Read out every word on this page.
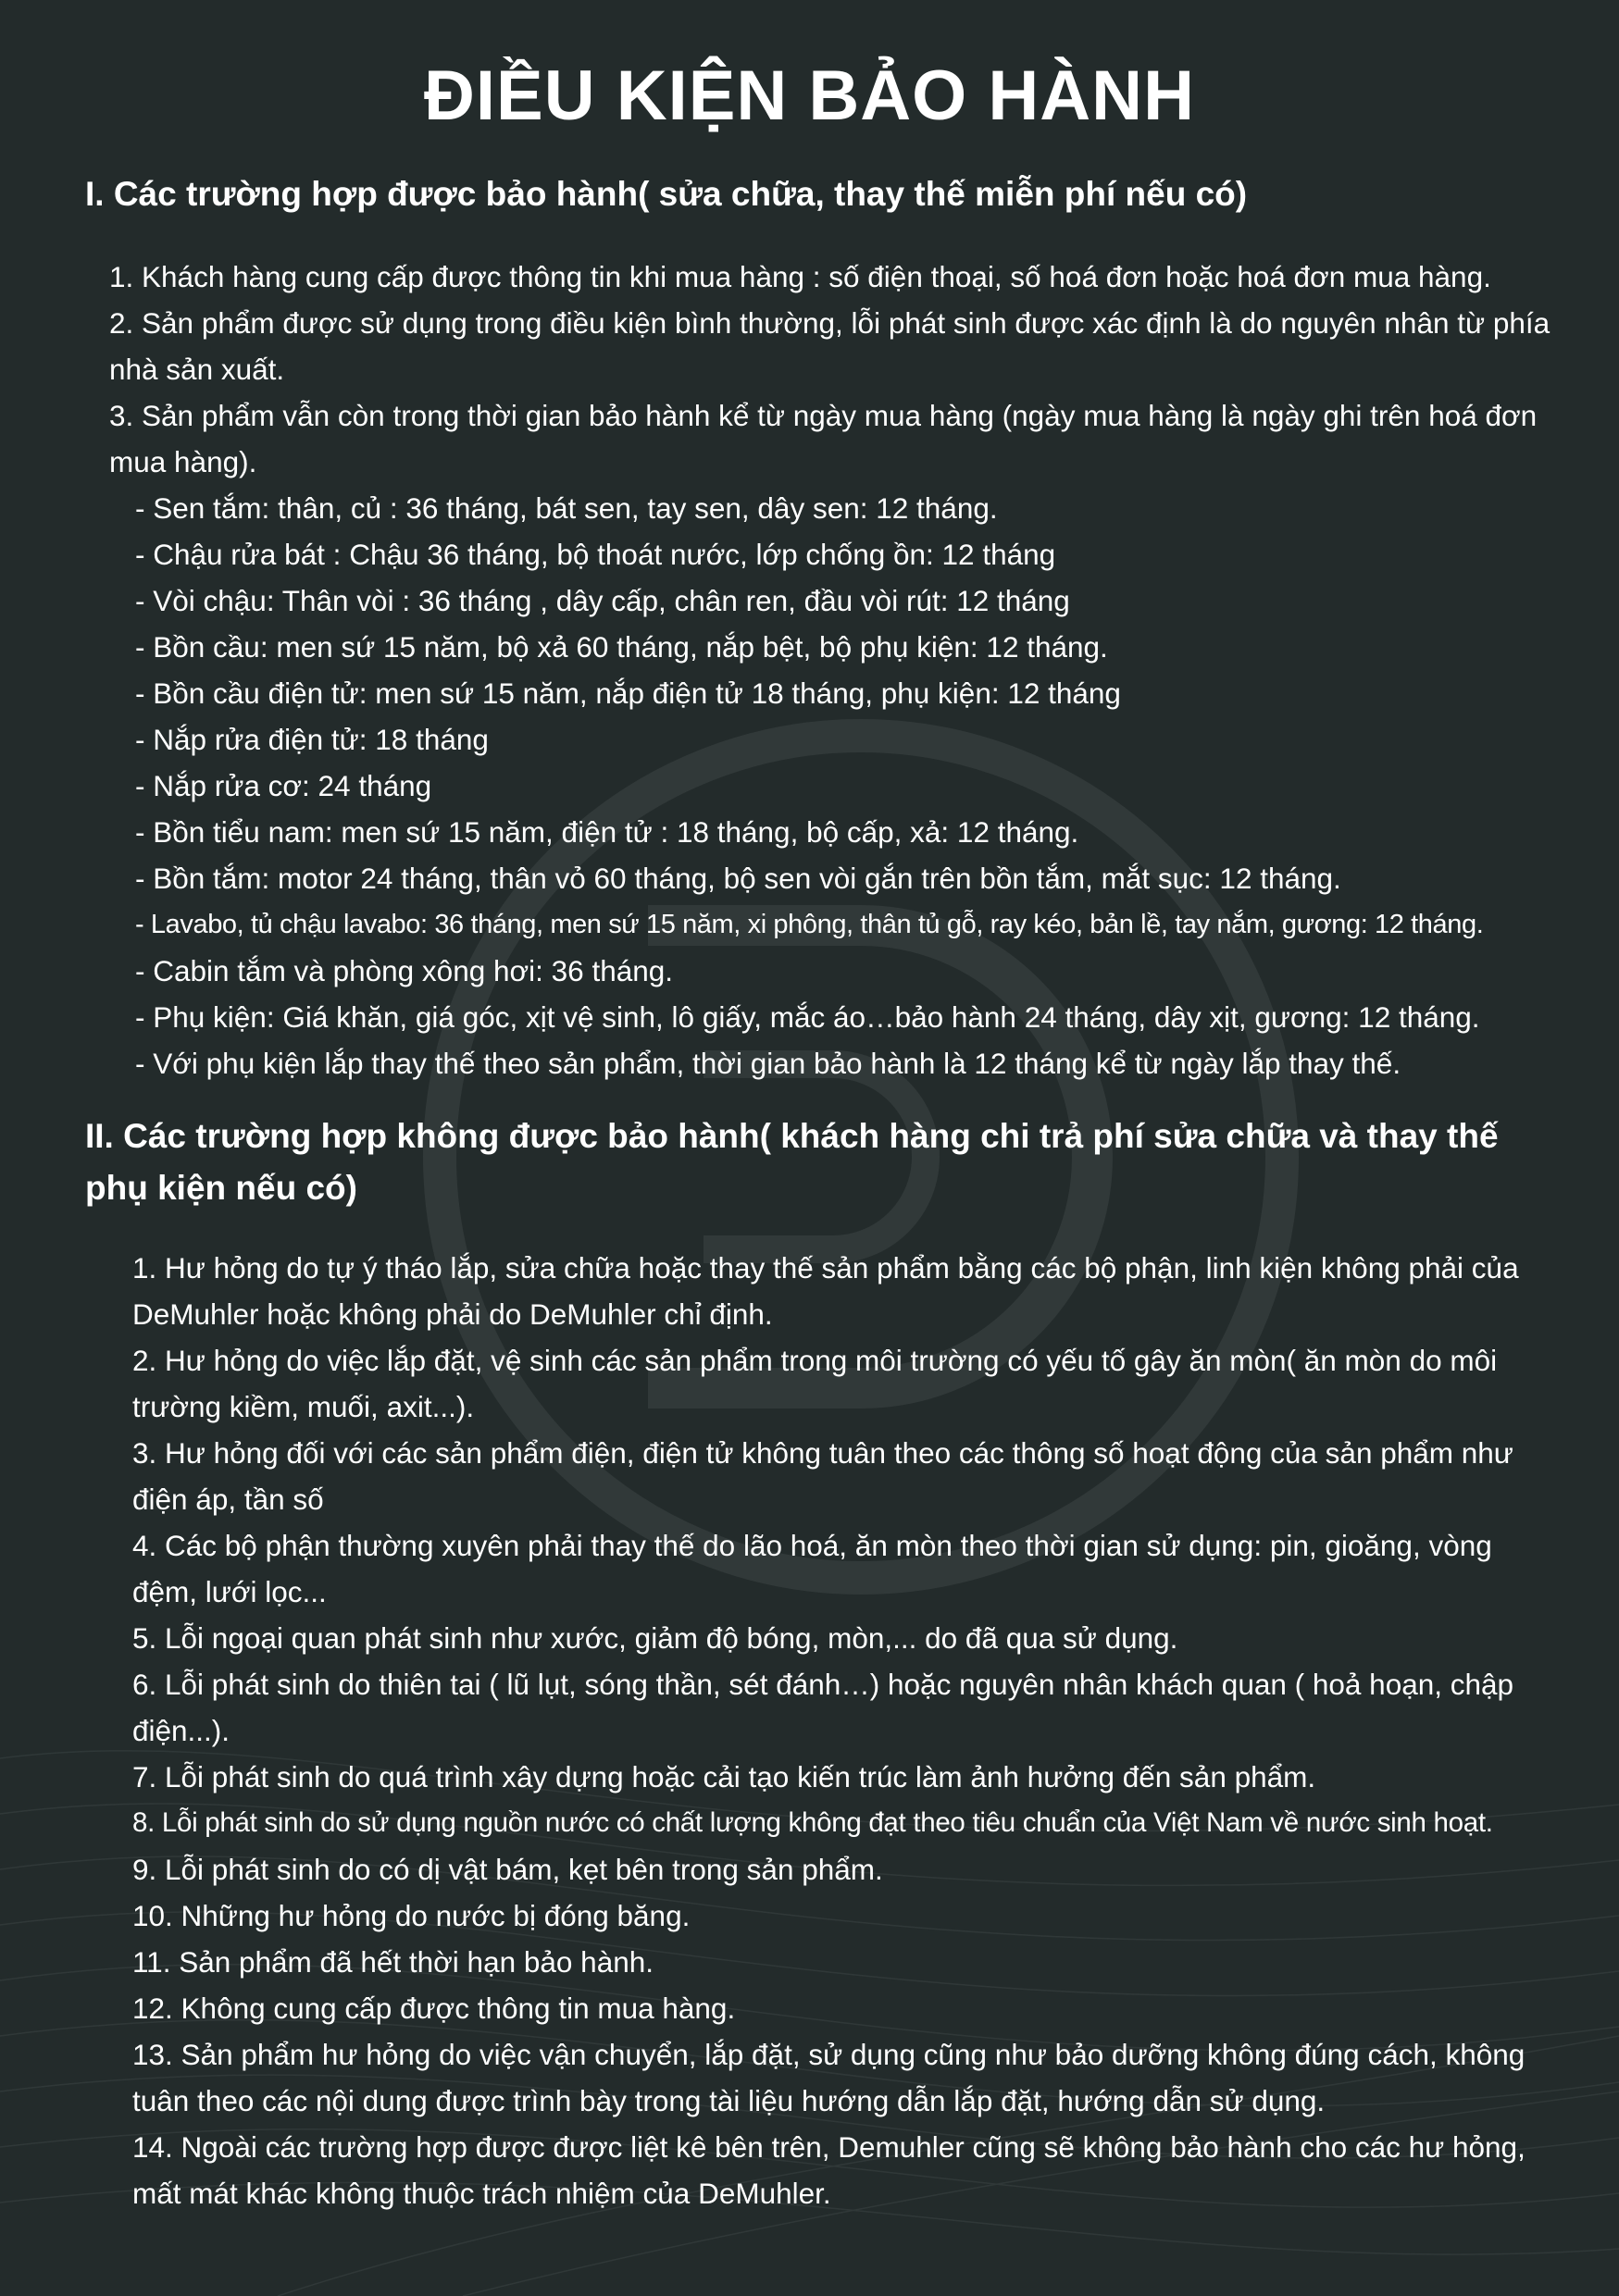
ĐIỀU KIỆN BẢO HÀNH
I. Các trường hợp được bảo hành( sửa chữa, thay thế miễn phí nếu có)
1. Khách hàng cung cấp được thông tin khi mua hàng : số điện thoại, số hoá đơn hoặc hoá đơn mua hàng.
2. Sản phẩm được sử dụng trong điều kiện bình thường, lỗi phát sinh được xác định là do nguyên nhân từ phía nhà sản xuất.
3. Sản phẩm vẫn còn trong thời gian bảo hành kể từ ngày mua hàng (ngày mua hàng là ngày ghi trên hoá đơn mua hàng).
- Sen tắm: thân, củ : 36 tháng, bát sen, tay sen, dây sen: 12 tháng.
- Chậu rửa bát : Chậu 36 tháng, bộ thoát nước, lớp chống ồn: 12 tháng
- Vòi chậu: Thân vòi : 36 tháng , dây cấp, chân ren, đầu vòi rút: 12 tháng
- Bồn cầu: men sứ 15 năm, bộ xả 60 tháng, nắp bệt, bộ phụ kiện: 12 tháng.
- Bồn cầu điện tử: men sứ 15 năm, nắp điện tử 18 tháng, phụ kiện: 12 tháng
- Nắp rửa điện tử: 18 tháng
- Nắp rửa cơ: 24 tháng
- Bồn tiểu nam: men sứ 15 năm, điện tử : 18 tháng, bộ cấp, xả: 12 tháng.
- Bồn tắm: motor 24 tháng, thân vỏ 60 tháng, bộ sen vòi gắn trên bồn tắm, mắt sục: 12 tháng.
- Lavabo, tủ chậu lavabo: 36 tháng, men sứ 15 năm, xi phông, thân tủ gỗ, ray kéo, bản lề, tay nắm, gương: 12 tháng.
- Cabin tắm và phòng xông hơi: 36 tháng.
- Phụ kiện: Giá khăn, giá góc, xịt vệ sinh, lô giấy, mắc áo…bảo hành 24 tháng, dây xịt, gương: 12 tháng.
- Với phụ kiện lắp thay thế theo sản phẩm, thời gian bảo hành là 12 tháng kể từ ngày lắp thay thế.
II. Các trường hợp không được bảo hành( khách hàng chi trả phí sửa chữa và thay thế phụ kiện nếu có)
1. Hư hỏng do tự ý tháo lắp, sửa chữa hoặc thay thế sản phẩm bằng các bộ phận, linh kiện không phải của DeMuhler hoặc không phải do DeMuhler chỉ định.
2. Hư hỏng do việc lắp đặt, vệ sinh các sản phẩm trong môi trường có yếu tố gây ăn mòn( ăn mòn do môi trường kiềm, muối, axit...).
3. Hư hỏng đối với các sản phẩm điện, điện tử không tuân theo các thông số hoạt động của sản phẩm như điện áp, tần số
4. Các bộ phận thường xuyên phải thay thế do lão hoá, ăn mòn theo thời gian sử dụng: pin, gioăng, vòng đệm, lưới lọc...
5. Lỗi ngoại quan phát sinh như xước, giảm độ bóng, mòn,... do đã qua sử dụng.
6. Lỗi phát sinh do thiên tai ( lũ lụt, sóng thần, sét đánh…) hoặc nguyên nhân khách quan ( hoả hoạn, chập điện...).
7. Lỗi phát sinh do quá trình xây dựng hoặc cải tạo kiến trúc làm ảnh hưởng đến sản phẩm.
8. Lỗi phát sinh do sử dụng nguồn nước có chất lượng không đạt theo tiêu chuẩn của Việt Nam về nước sinh hoạt.
9. Lỗi phát sinh do có dị vật bám, kẹt bên trong sản phẩm.
10. Những hư hỏng do nước bị đóng băng.
11. Sản phẩm đã hết thời hạn bảo hành.
12. Không cung cấp được thông tin mua hàng.
13. Sản phẩm hư hỏng do việc vận chuyển, lắp đặt, sử dụng cũng như bảo dưỡng không đúng cách, không tuân theo các nội dung được trình bày trong tài liệu hướng dẫn lắp đặt, hướng dẫn sử dụng.
14. Ngoài các trường hợp được được liệt kê bên trên, Demuhler cũng sẽ không bảo hành cho các hư hỏng, mất mát khác không thuộc trách nhiệm của DeMuhler.
